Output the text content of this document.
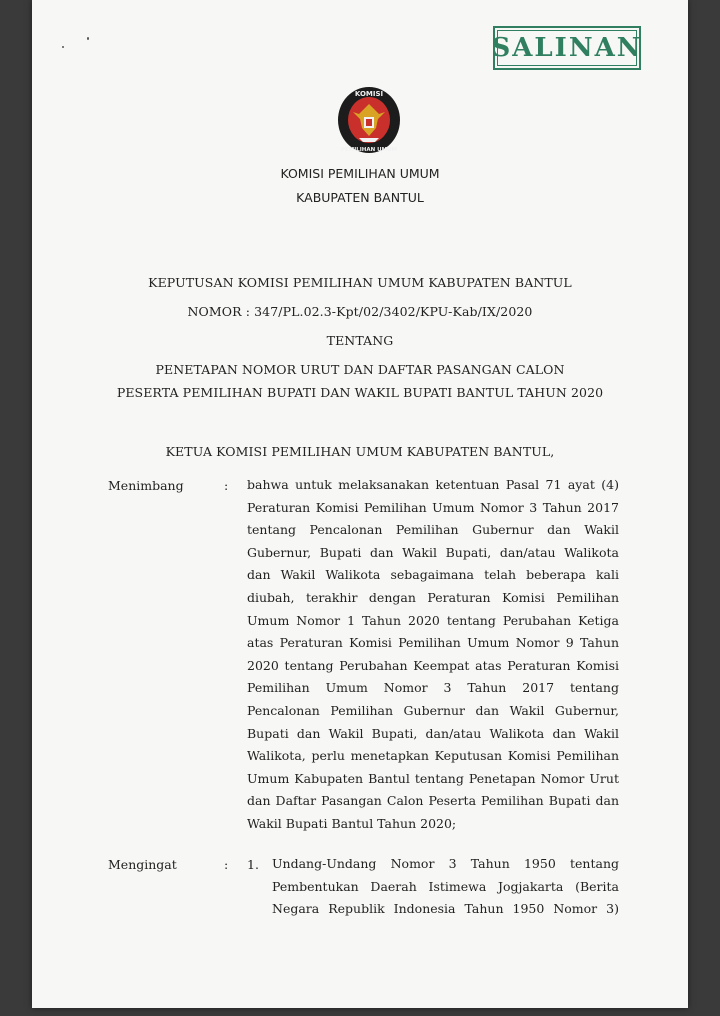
SALINAN
KOMISI
PEMILIHAN UMUM
KOMISI PEMILIHAN UMUM
KABUPATEN BANTUL
KEPUTUSAN KOMISI PEMILIHAN UMUM KABUPATEN BANTUL
NOMOR : 347/PL.02.3-Kpt/02/3402/KPU-Kab/IX/2020
TENTANG
PENETAPAN NOMOR URUT DAN DAFTAR PASANGAN CALON
PESERTA PEMILIHAN BUPATI DAN WAKIL BUPATI BANTUL TAHUN 2020
KETUA KOMISI PEMILIHAN UMUM KABUPATEN BANTUL,
Menimbang	: bahwa untuk melaksanakan ketentuan Pasal 71 ayat (4)
Peraturan Komisi Pemilihan Umum Nomor 3 Tahun 2017
tentang Pencalonan Pemilihan Gubernur dan Wakil
Gubernur, Bupati dan Wakil Bupati, dan/atau Walikota
dan Wakil Walikota sebagaimana telah beberapa kali
diubah, terakhir dengan Peraturan Komisi Pemilihan
Umum Nomor 1 Tahun 2020 tentang Perubahan Ketiga
atas Peraturan Komisi Pemilihan Umum Nomor 9 Tahun
2020 tentang Perubahan Keempat atas Peraturan Komisi
Pemilihan Umum Nomor 3 Tahun 2017 tentang
Pencalonan Pemilihan Gubernur dan Wakil Gubernur,
Bupati dan Wakil Bupati, dan/atau Walikota dan Wakil
Walikota, perlu menetapkan Keputusan Komisi Pemilihan
Umum Kabupaten Bantul tentang Penetapan Nomor Urut
dan Daftar Pasangan Calon Peserta Pemilihan Bupati dan
Wakil Bupati Bantul Tahun 2020;
Mengingat	: 1. Undang-Undang Nomor 3 Tahun 1950 tentang
Pembentukan Daerah Istimewa Jogjakarta (Berita
Negara Republik Indonesia Tahun 1950 Nomor 3)
